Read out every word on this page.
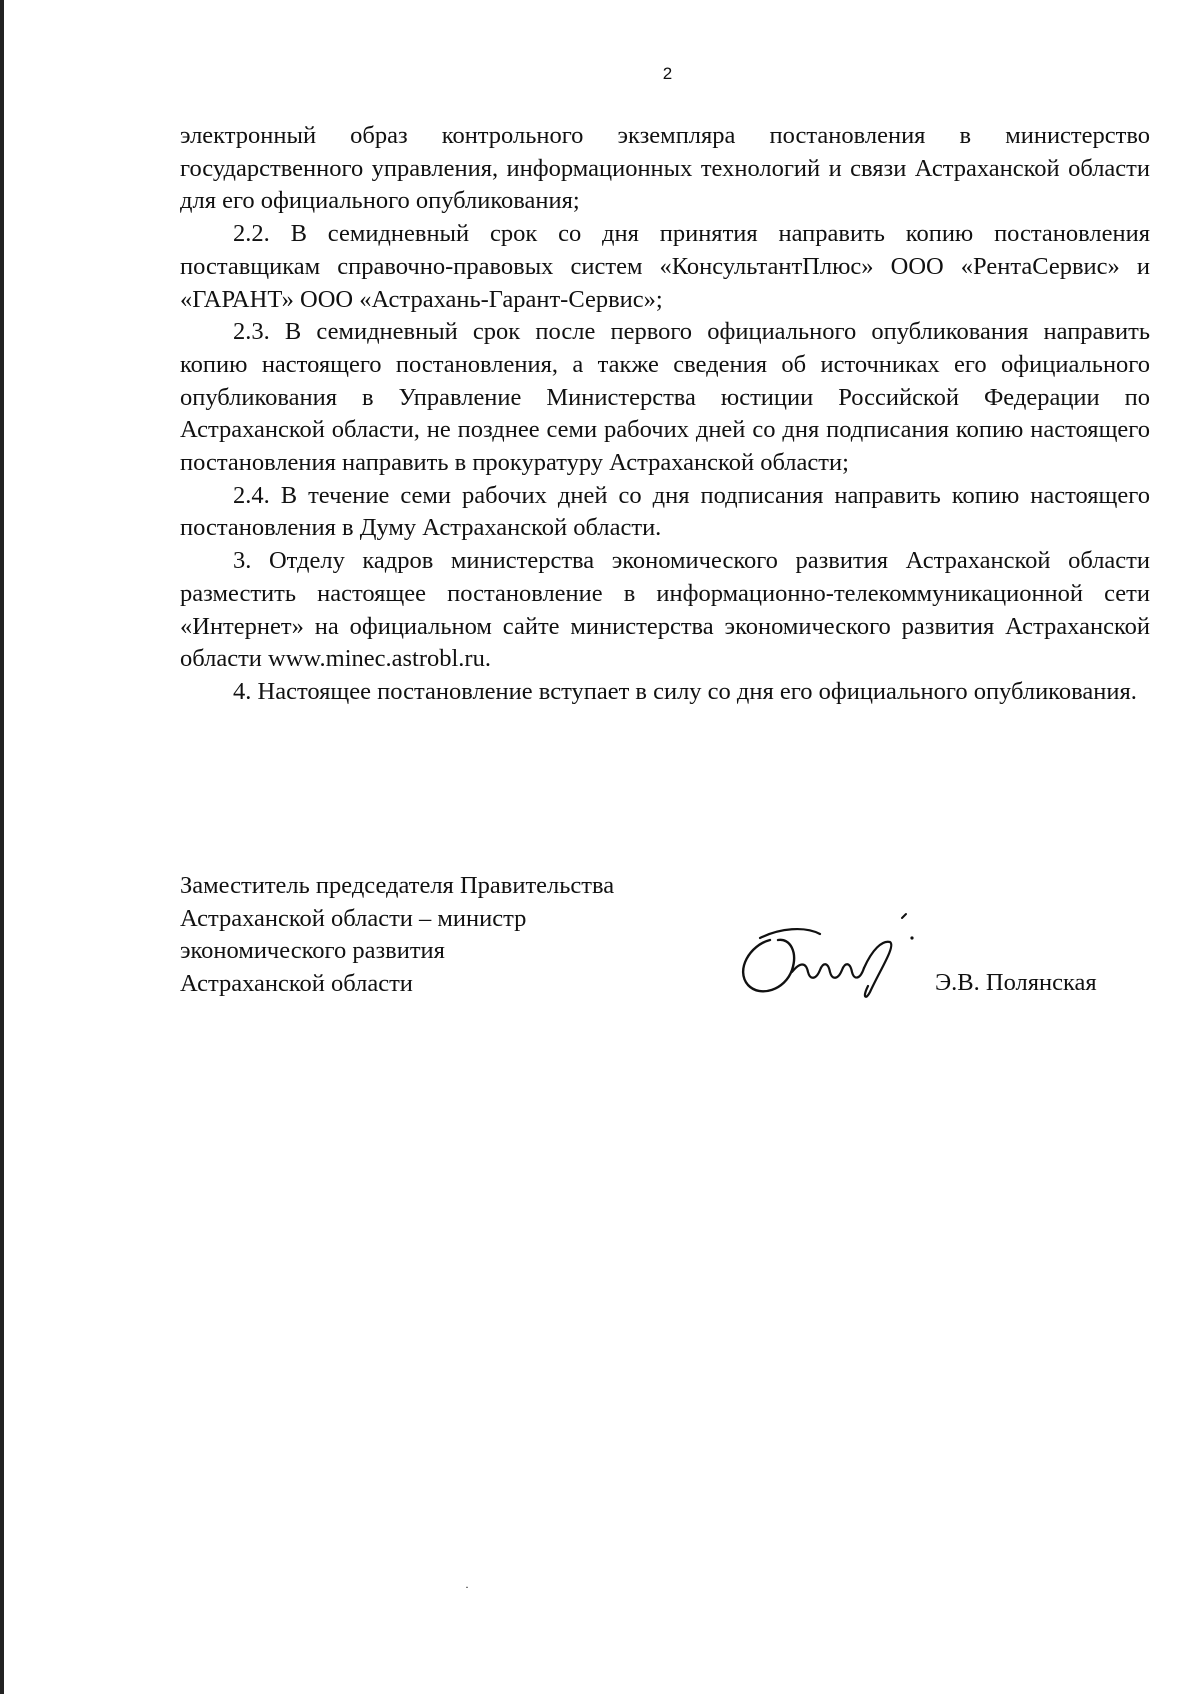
2

электронный образ контрольного экземпляра постановления в министерство государственного управления, информационных технологий и связи Астраханской области для его официального опубликования;

2.2. В семидневный срок со дня принятия направить копию постановления поставщикам справочно-правовых систем «КонсультантПлюс» ООО «РентаСервис» и «ГАРАНТ» ООО «Астрахань-Гарант-Сервис»;

2.3. В семидневный срок после первого официального опубликования направить копию настоящего постановления, а также сведения об источниках его официального опубликования в Управление Министерства юстиции Российской Федерации по Астраханской области, не позднее семи рабочих дней со дня подписания копию настоящего постановления направить в прокуратуру Астраханской области;

2.4. В течение семи рабочих дней со дня подписания направить копию настоящего постановления в Думу Астраханской области.

3. Отделу кадров министерства экономического развития Астраханской области разместить настоящее постановление в информационно-телекоммуникационной сети «Интернет» на официальном сайте министерства экономического развития Астраханской области www.minec.astrobl.ru.

4. Настоящее постановление вступает в силу со дня его официального опубликования.

Заместитель председателя Правительства
Астраханской области – министр
экономического развития
Астраханской области	Э.В. Полянская
·
